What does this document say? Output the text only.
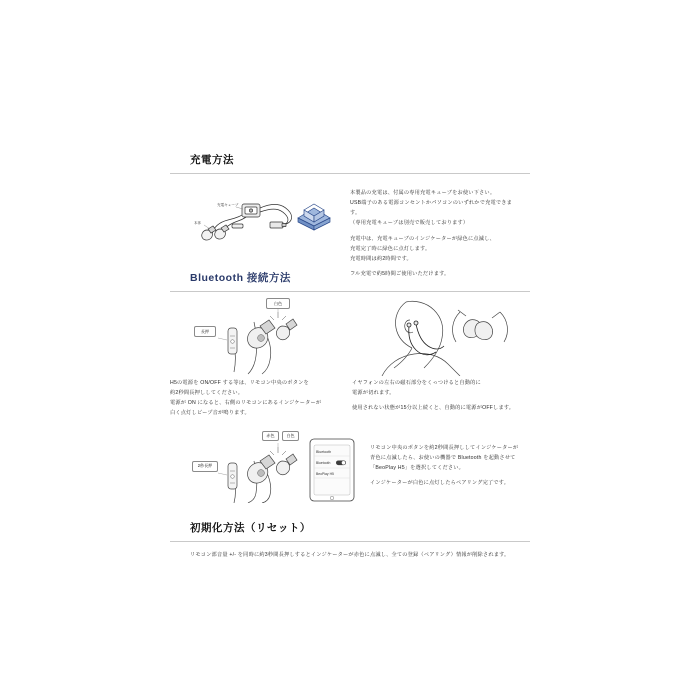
充電方法
本体
充電キューブ

本製品の充電は、付属の専用充電キューブをお使い下さい。

USB端子のある電源コンセントかパソコンのいずれかで充電できます。

（専用充電キューブは別売で販売しております）

充電中は、充電キューブのインジケーターが緑色に点滅し、

充電完了時に緑色に点灯します。

充電時間は約2時間です。

フル充電で約5時間ご使用いただけます。

Bluetooth 接続方法
長押
白色

H5の電源を ON/OFF する等は、リモコン中央のボタンを

約2秒間長押ししてください。

電源が ON になると、右側のリモコンにあるインジケーターが

白く点灯しビープ音が鳴ります。

イヤフォンの左右の磁石部分をくっつけると自動的に

電源が切れます。

使用されない状態が15分以上続くと、自動的に電源がOFFします。

Bluetooth
Bluetooth
BeoPlay H5
2秒長押
赤色	白色

リモコン中央のボタンを約2秒間長押ししてインジケーターが

青色に点滅したら、お使いの機器で Bluetooth を起動させて

「BeoPlay H5」を選択してください。

インジケーターが白色に点灯したらペアリング完了です。

初期化方法（リセット）

リモコン部音量 +/- を同時に約3秒間長押しするとインジケーターが赤色に点滅し、全ての登録（ペアリング）情報が削除されます。
